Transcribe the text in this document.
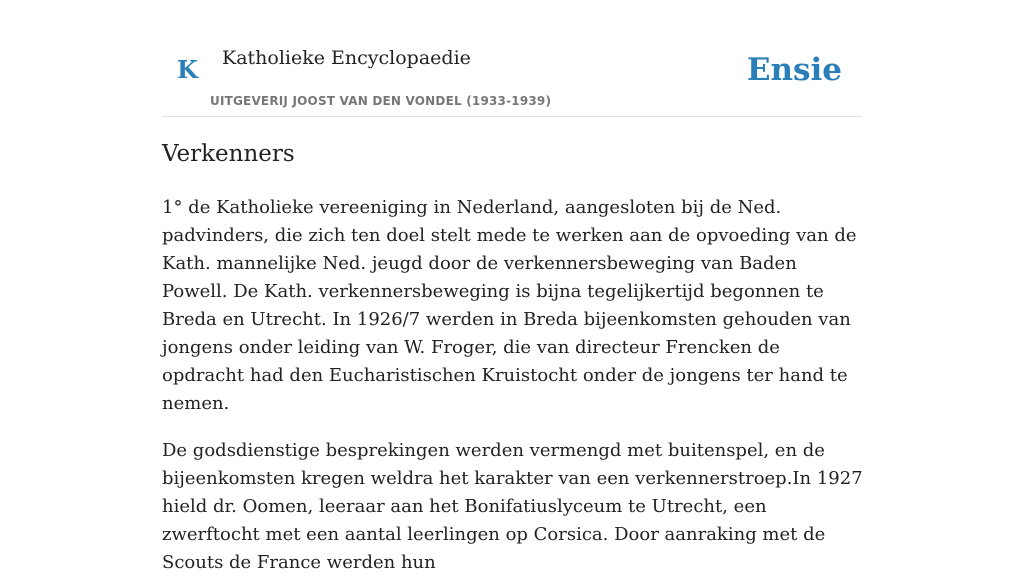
K Katholieke Encyclopaedie
UITGEVERIJ JOOST VAN DEN VONDEL (1933-1939)
Ensie
Verkenners

1° de Katholieke vereeniging in Nederland, aangesloten bij de Ned. padvinders, die zich ten doel stelt mede te werken aan de opvoeding van de Kath. mannelijke Ned. jeugd door de verkennersbeweging van Baden Powell. De Kath. verkennersbeweging is bijna tegelijkertijd begonnen te Breda en Utrecht. In 1926/7 werden in Breda bijeenkomsten gehouden van jongens onder leiding van W. Froger, die van directeur Frencken de opdracht had den Eucharistischen Kruistocht onder de jongens ter hand te nemen.

De godsdienstige besprekingen werden vermengd met buitenspel, en de bijeenkomsten kregen weldra het karakter van een verkennerstroep.In 1927 hield dr. Oomen, leeraar aan het Bonifatiuslyceum te Utrecht, een zwerftocht met een aantal leerlingen op Corsica. Door aanraking met de Scouts de France werden hun
